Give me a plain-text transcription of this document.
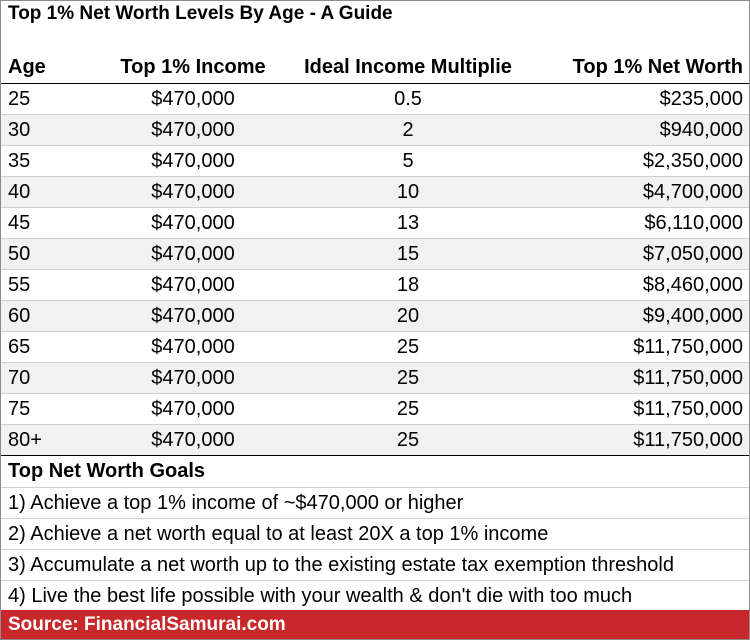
Top 1% Net Worth Levels By Age - A Guide
Age	Top 1% Income	Ideal Income Multiplie	Top 1% Net Worth
25	$470,000	0.5	$235,000
30	$470,000	2	$940,000
35	$470,000	5	$2,350,000
40	$470,000	10	$4,700,000
45	$470,000	13	$6,110,000
50	$470,000	15	$7,050,000
55	$470,000	18	$8,460,000
60	$470,000	20	$9,400,000
65	$470,000	25	$11,750,000
70	$470,000	25	$11,750,000
75	$470,000	25	$11,750,000
80+	$470,000	25	$11,750,000
Top Net Worth Goals
1) Achieve a top 1% income of ~$470,000 or higher
2) Achieve a net worth equal to at least 20X a top 1% income
3) Accumulate a net worth up to the existing estate tax exemption threshold
4) Live the best life possible with your wealth & don't die with too much
Source: FinancialSamurai.com
